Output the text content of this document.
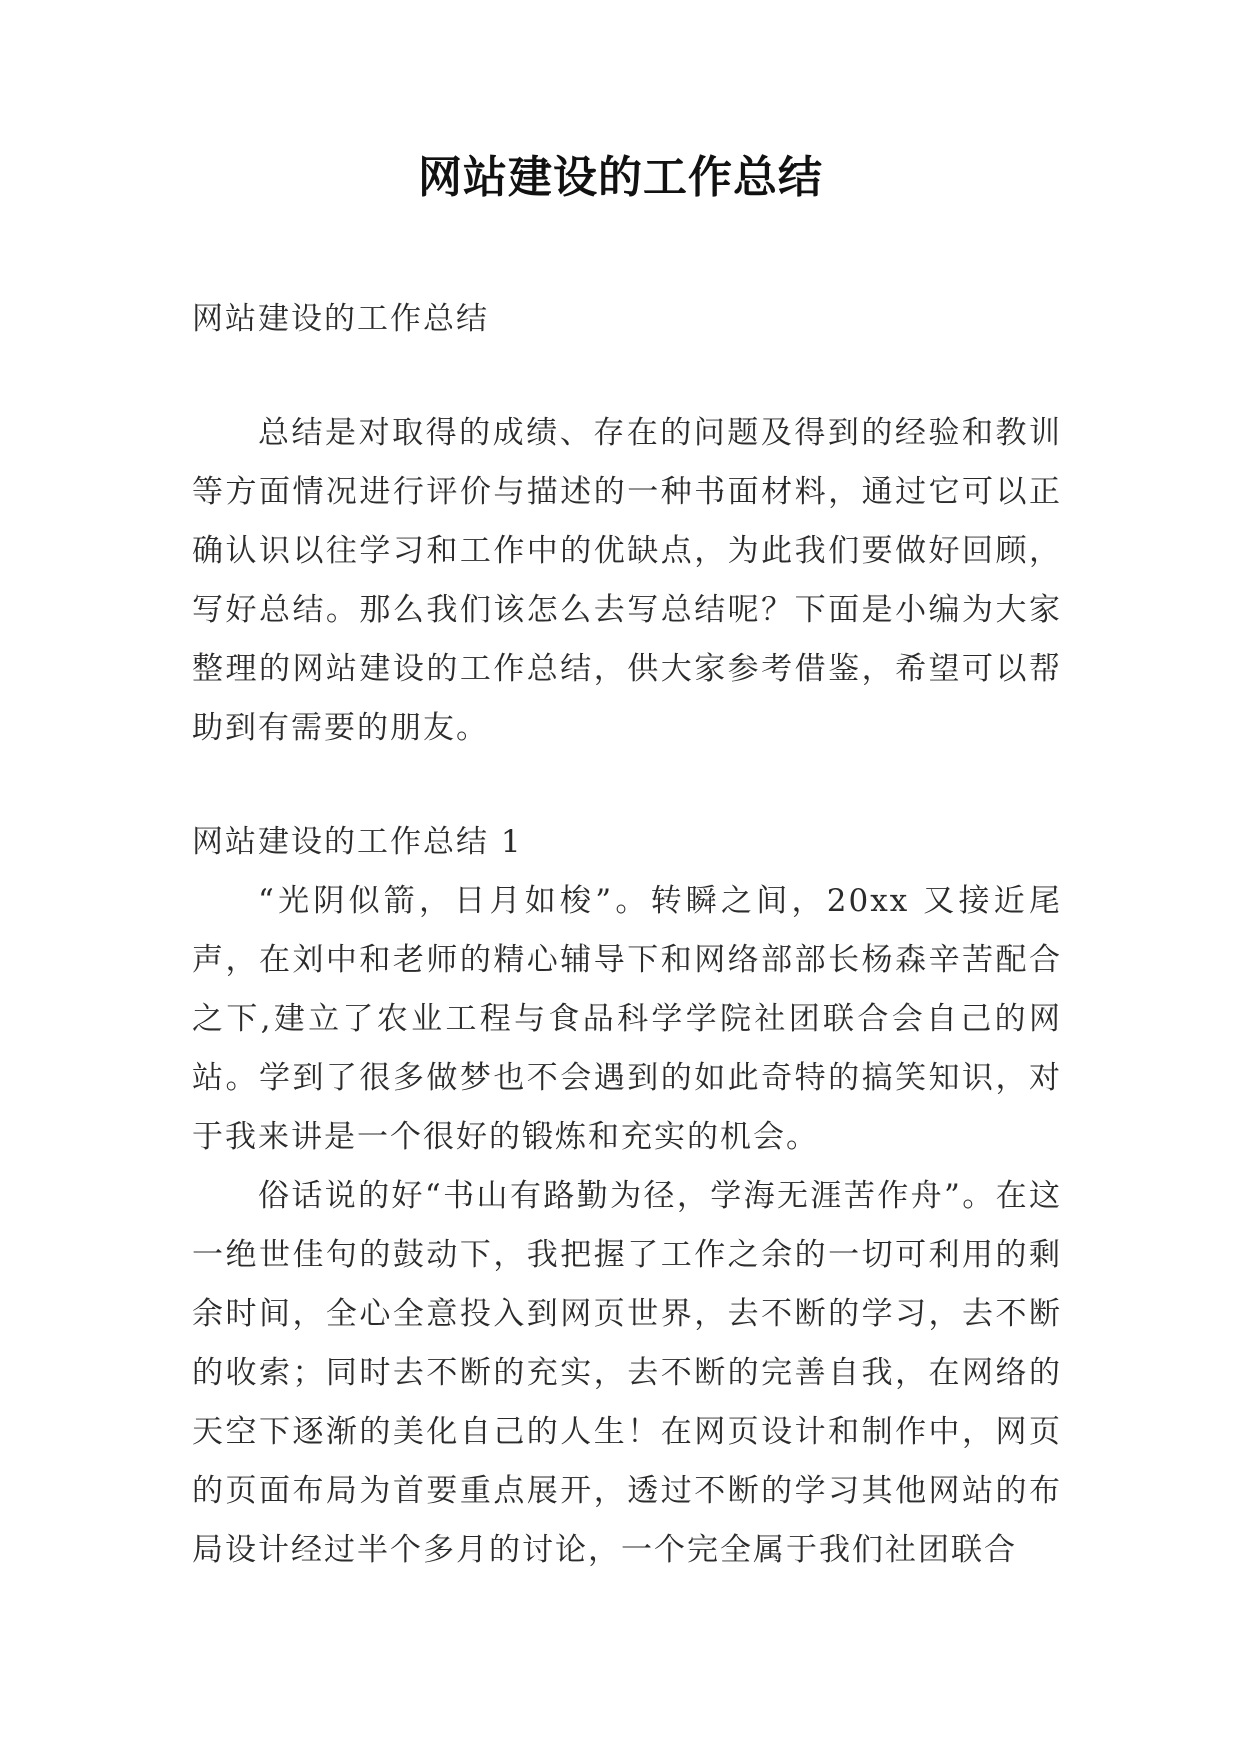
网站建设的工作总结

网站建设的工作总结

总结是对取得的成绩、存在的问题及得到的经验和教训等方面情况进行评价与描述的一种书面材料，通过它可以正确认识以往学习和工作中的优缺点，为此我们要做好回顾，写好总结。那么我们该怎么去写总结呢？下面是小编为大家整理的网站建设的工作总结，供大家参考借鉴，希望可以帮助到有需要的朋友。

网站建设的工作总结 1

“光阴似箭，日月如梭”。转瞬之间，20xx 又接近尾声，在刘中和老师的精心辅导下和网络部部长杨森辛苦配合之下,建立了农业工程与食品科学学院社团联合会自己的网站。学到了很多做梦也不会遇到的如此奇特的搞笑知识，对于我来讲是一个很好的锻炼和充实的机会。

俗话说的好“书山有路勤为径，学海无涯苦作舟”。在这一绝世佳句的鼓动下，我把握了工作之余的一切可利用的剩余时间，全心全意投入到网页世界，去不断的学习，去不断的收索；同时去不断的充实，去不断的完善自我，在网络的天空下逐渐的美化自己的人生！在网页设计和制作中，网页的页面布局为首要重点展开，透过不断的学习其他网站的布局设计经过半个多月的讨论，一个完全属于我们社团联合
